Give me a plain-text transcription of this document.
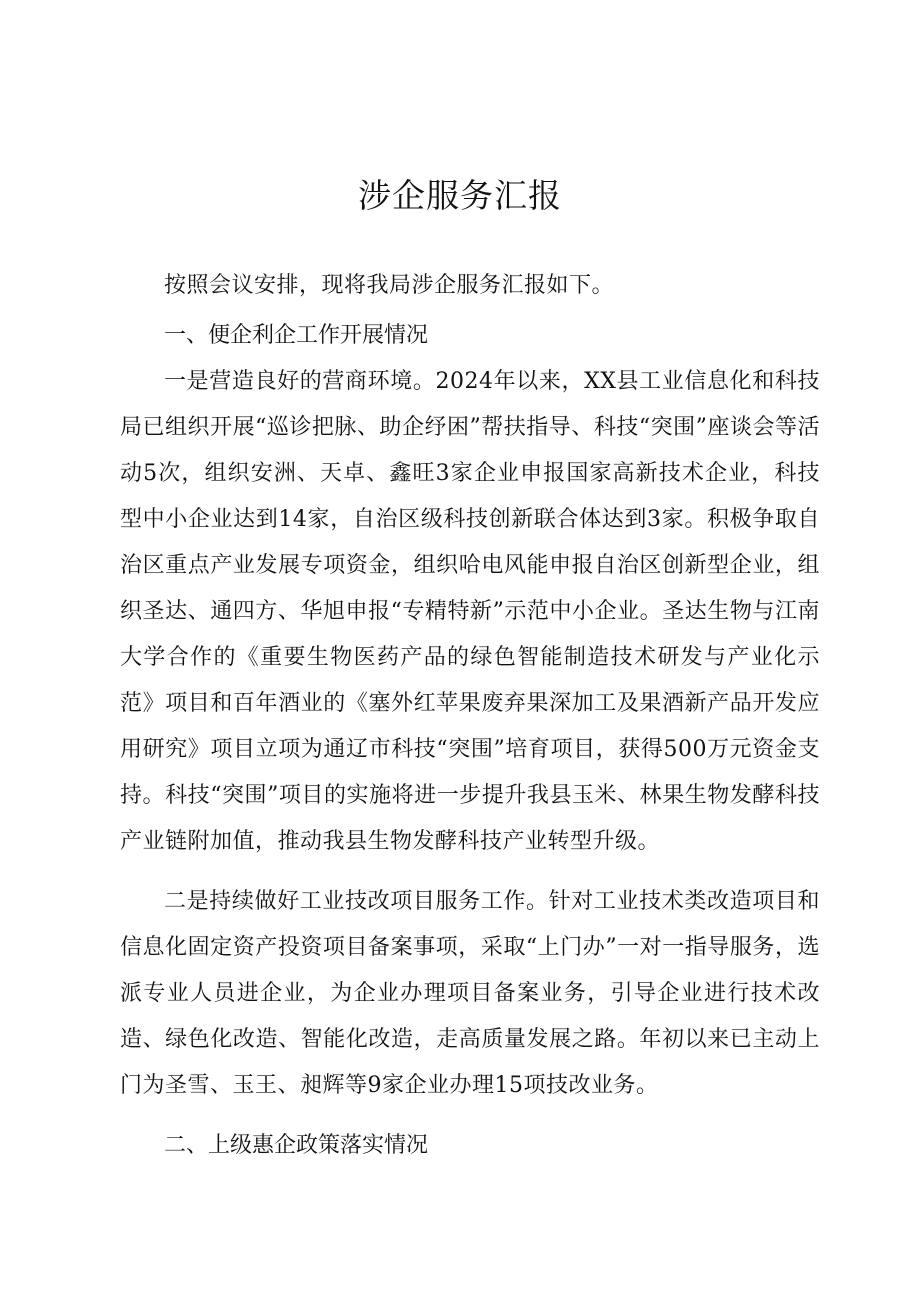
涉企服务汇报

按照会议安排，现将我局涉企服务汇报如下。

一、便企利企工作开展情况

一是营造良好的营商环境。2024年以来，XX县工业信息化和科技局已组织开展“巡诊把脉、助企纾困”帮扶指导、科技“突围”座谈会等活动5次，组织安洲、天卓、鑫旺3家企业申报国家高新技术企业，科技型中小企业达到14家，自治区级科技创新联合体达到3家。积极争取自治区重点产业发展专项资金，组织哈电风能申报自治区创新型企业，组织圣达、通四方、华旭申报“专精特新”示范中小企业。圣达生物与江南大学合作的《重要生物医药产品的绿色智能制造技术研发与产业化示范》项目和百年酒业的《塞外红苹果废弃果深加工及果酒新产品开发应用研究》项目立项为通辽市科技“突围”培育项目，获得500万元资金支持。科技“突围”项目的实施将进一步提升我县玉米、林果生物发酵科技产业链附加值，推动我县生物发酵科技产业转型升级。

二是持续做好工业技改项目服务工作。针对工业技术类改造项目和信息化固定资产投资项目备案事项，采取“上门办”一对一指导服务，选派专业人员进企业，为企业办理项目备案业务，引导企业进行技术改造、绿色化改造、智能化改造，走高质量发展之路。年初以来已主动上门为圣雪、玉王、昶辉等9家企业办理15项技改业务。

二、上级惠企政策落实情况
